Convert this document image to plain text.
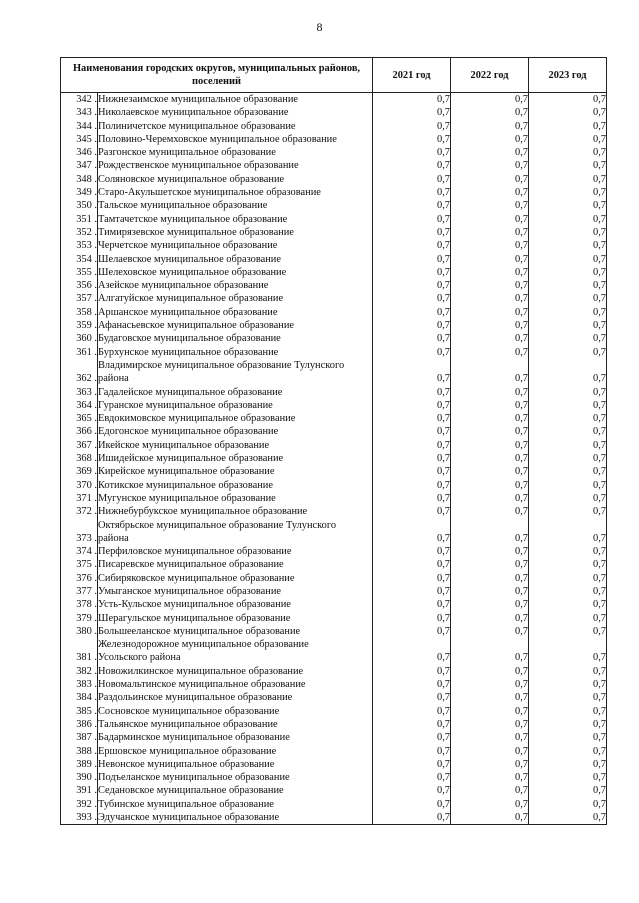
8
Наименования городских округов, муниципальных районов, поселений		2021 год	2022 год	2023 год
342 .	Нижнезаимское муниципальное образование	0,7	0,7	0,7
343 .	Николаевское муниципальное образование	0,7	0,7	0,7
344 .	Полиничетское муниципальное образование	0,7	0,7	0,7
345 .	Половино-Черемховское муниципальное образование	0,7	0,7	0,7
346 .	Разгонское муниципальное образование	0,7	0,7	0,7
347 .	Рождественское муниципальное образование	0,7	0,7	0,7
348 .	Соляновское муниципальное образование	0,7	0,7	0,7
349 .	Старо-Акульшетское муниципальное образование	0,7	0,7	0,7
350 .	Тальское муниципальное образование	0,7	0,7	0,7
351 .	Тамтачетское муниципальное образование	0,7	0,7	0,7
352 .	Тимирязевское муниципальное образование	0,7	0,7	0,7
353 .	Черчетское муниципальное образование	0,7	0,7	0,7
354 .	Шелаевское муниципальное образование	0,7	0,7	0,7
355 .	Шелеховское муниципальное образование	0,7	0,7	0,7
356 .	Азейское муниципальное образование	0,7	0,7	0,7
357 .	Алгатуйское муниципальное образование	0,7	0,7	0,7
358 .	Аршанское муниципальное образование	0,7	0,7	0,7
359 .	Афанасьевское муниципальное образование	0,7	0,7	0,7
360 .	Будаговское муниципальное образование	0,7	0,7	0,7
361 .	Бурхунское муниципальное образование	0,7	0,7	0,7
362 .	Владимирское муниципальное образование Тулунского
района	0,7	0,7	0,7
363 .	Гадалейское муниципальное образование	0,7	0,7	0,7
364 .	Гуранское муниципальное образование	0,7	0,7	0,7
365 .	Евдокимовское муниципальное образование	0,7	0,7	0,7
366 .	Едогонское муниципальное образование	0,7	0,7	0,7
367 .	Икейское муниципальное образование	0,7	0,7	0,7
368 .	Ишидейское муниципальное образование	0,7	0,7	0,7
369 .	Кирейское муниципальное образование	0,7	0,7	0,7
370 .	Котикское муниципальное образование	0,7	0,7	0,7
371 .	Мугунское муниципальное образование	0,7	0,7	0,7
372 .	Нижнебурбукское муниципальное образование	0,7	0,7	0,7
373 .	Октябрьское муниципальное образование Тулунского
района	0,7	0,7	0,7
374 .	Перфиловское муниципальное образование	0,7	0,7	0,7
375 .	Писаревское муниципальное образование	0,7	0,7	0,7
376 .	Сибиряковское муниципальное образование	0,7	0,7	0,7
377 .	Умыганское муниципальное образование	0,7	0,7	0,7
378 .	Усть-Кульское муниципальное образование	0,7	0,7	0,7
379 .	Шерагульское муниципальное образование	0,7	0,7	0,7
380 .	Большееланское муниципальное образование	0,7	0,7	0,7
381 .	Железнодорожное муниципальное образование
Усольского района	0,7	0,7	0,7
382 .	Новожилкинское муниципальное образование	0,7	0,7	0,7
383 .	Новомальтинское муниципальное образование	0,7	0,7	0,7
384 .	Раздольинское муниципальное образование	0,7	0,7	0,7
385 .	Сосновское муниципальное образование	0,7	0,7	0,7
386 .	Тальянское муниципальное образование	0,7	0,7	0,7
387 .	Бадарминское муниципальное образование	0,7	0,7	0,7
388 .	Ершовское муниципальное образование	0,7	0,7	0,7
389 .	Невонское муниципальное образование	0,7	0,7	0,7
390 .	Подъеланское муниципальное образование	0,7	0,7	0,7
391 .	Седановское муниципальное образование	0,7	0,7	0,7
392 .	Тубинское муниципальное образование	0,7	0,7	0,7
393 .	Эдучанское муниципальное образование	0,7	0,7	0,7
